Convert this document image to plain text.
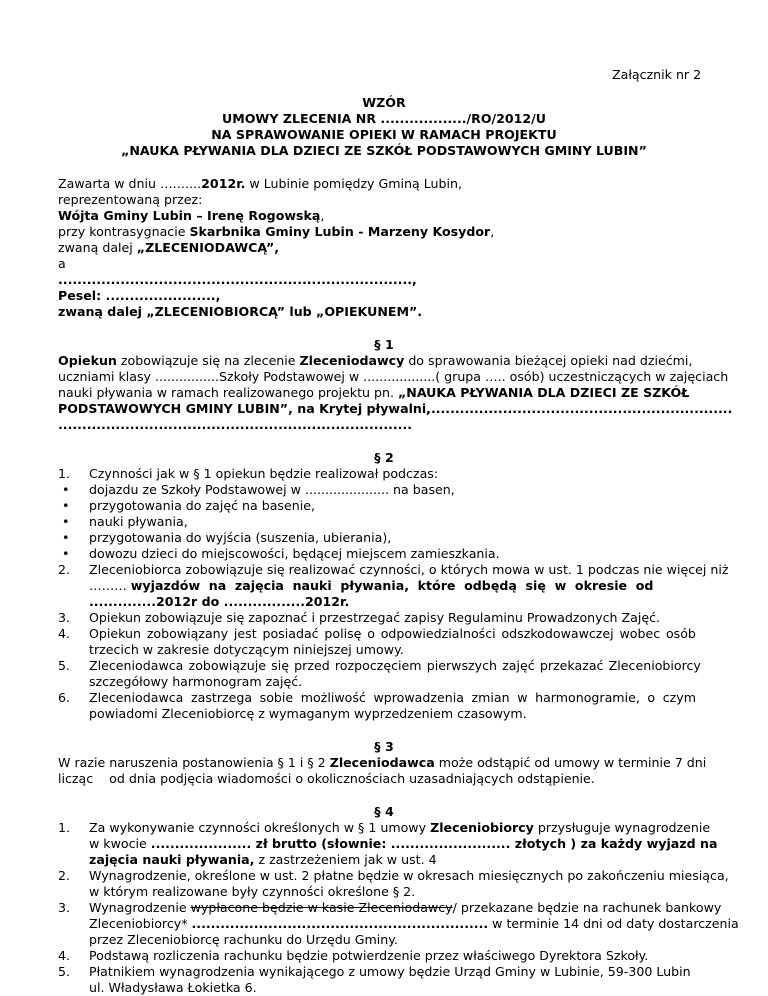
Załącznik nr 2
WZÓR
UMOWY ZLECENIA NR ................../RO/2012/U
NA SPRAWOWANIE OPIEKI W RAMACH PROJEKTU
„NAUKA PŁYWANIA DLA DZIECI ZE SZKÓŁ PODSTAWOWYCH GMINY LUBIN”
Zawarta w dniu ……....2012r. w Lubinie pomiędzy Gminą Lubin,
reprezentowaną przez:
Wójta Gminy Lubin – Irenę Rogowską,
przy kontrasygnacie Skarbnika Gminy Lubin - Marzeny Kosydor,
zwaną dalej „ZLECENIODAWCĄ”,
a
..........................................................................,
Pesel: .......................,
zwaną dalej „ZLECENIOBIORCĄ” lub „OPIEKUNEM”.
§ 1
Opiekun zobowiązuje się na zlecenie Zleceniodawcy do sprawowania bieżącej opieki nad dziećmi,
uczniami klasy ................Szkoły Podstawowej w ..................( grupa ….. osób) uczestniczących w zajęciach
nauki pływania w ramach realizowanego projektu pn. „NAUKA PŁYWANIA DLA DZIECI ZE SZKÓŁ
PODSTAWOWYCH GMINY LUBIN”, na Krytej pływalni,...............................................................
..........................................................................
§ 2
1. Czynności jak w § 1 opiekun będzie realizował podczas:
• dojazdu ze Szkoły Podstawowej w ..................... na basen,
• przygotowania do zajęć na basenie,
• nauki pływania,
• przygotowania do wyjścia (suszenia, ubierania),
• dowozu dzieci do miejscowości, będącej miejscem zamieszkania.
2. Zleceniobiorca zobowiązuje się realizować czynności, o których mowa w ust. 1 podczas nie więcej niż
……… wyjazdów na zajęcia nauki pływania, które odbędą się w okresie od
..............2012r do .................2012r.
3. Opiekun zobowiązuje się zapoznać i przestrzegać zapisy Regulaminu Prowadzonych Zajęć.
4. Opiekun zobowiązany jest posiadać polisę o odpowiedzialności odszkodowawczej wobec osób
trzecich w zakresie dotyczącym niniejszej umowy.
5. Zleceniodawca zobowiązuje się przed rozpoczęciem pierwszych zajęć przekazać Zleceniobiorcy
szczegółowy harmonogram zajęć.
6. Zleceniodawca zastrzega sobie możliwość wprowadzenia zmian w harmonogramie, o czym
powiadomi Zleceniobiorcę z wymaganym wyprzedzeniem czasowym.
§ 3
W razie naruszenia postanowienia § 1 i § 2 Zleceniodawca może odstąpić od umowy w terminie 7 dni
licząc    od dnia podjęcia wiadomości o okolicznościach uzasadniających odstąpienie.
§ 4
1. Za wykonywanie czynności określonych w § 1 umowy Zleceniobiorcy przysługuje wynagrodzenie
w kwocie ..................... zł brutto (słownie: ......................... złotych ) za każdy wyjazd na
zajęcia nauki pływania, z zastrzeżeniem jak w ust. 4
2. Wynagrodzenie, określone w ust. 2 płatne będzie w okresach miesięcznych po zakończeniu miesiąca,
w którym realizowane były czynności określone § 2.
3. Wynagrodzenie wypłacone będzie w kasie Zleceniodawcy/ przekazane będzie na rachunek bankowy
Zleceniobiorcy* .............................................................. w terminie 14 dni od daty dostarczenia
przez Zleceniobiorcę rachunku do Urzędu Gminy.
4. Podstawą rozliczenia rachunku będzie potwierdzenie przez właściwego Dyrektora Szkoły.
5. Płatnikiem wynagrodzenia wynikającego z umowy będzie Urząd Gminy w Lubinie, 59-300 Lubin
ul. Władysława Łokietka 6.
